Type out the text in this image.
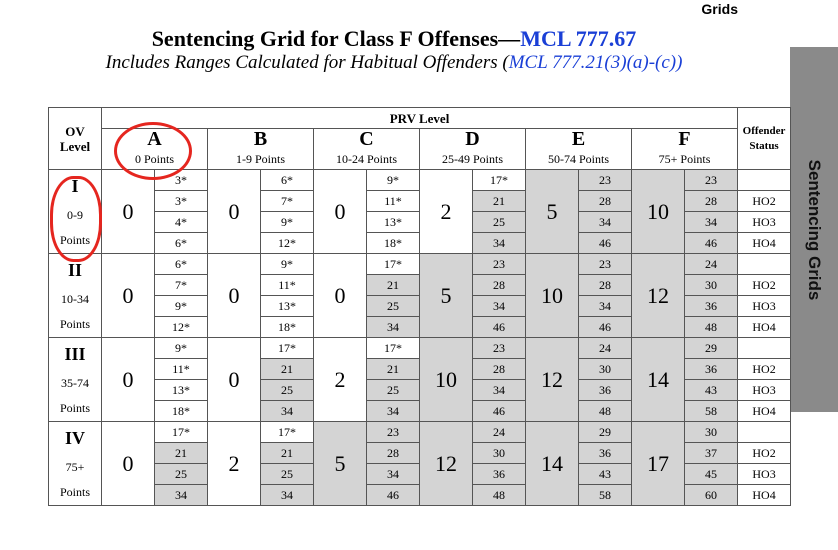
Grids
Sentencing Grid for Class F Offenses—MCL 777.67
Includes Ranges Calculated for Habitual Offenders (MCL 777.21(3)(a)-(c))
Sentencing Grids
OV Level	PRV Level												Offender Status
	A		B		C		D		E		F		
	0 Points		1-9 Points		10-24 Points		25-49 Points		50-74 Points		75+ Points		

I
0-9
Points	0	3*	0	6*	0	9*	2	17*	5	23	10	23	
		3*		7*		11*		21		28		28	HO2
		4*		9*		13*		25		34		34	HO3
		6*		12*		18*		34		46		46	HO4

II
10-34
Points	0	6*	0	9*	0	17*	5	23	10	23	12	24	
		7*		11*		21		28		28		30	HO2
		9*		13*		25		34		34		36	HO3
		12*		18*		34		46		46		48	HO4

III
35-74
Points	0	9*	0	17*	2	17*	10	23	12	24	14	29	
		11*		21		21		28		30		36	HO2
		13*		25		25		34		36		43	HO3
		18*		34		34		46		48		58	HO4

IV
75+
Points	0	17*	2	17*	5	23	12	24	14	29	17	30	
		21		21		28		30		36		37	HO2
		25		25		34		36		43		45	HO3
		34		34		46		48		58		60	HO4
